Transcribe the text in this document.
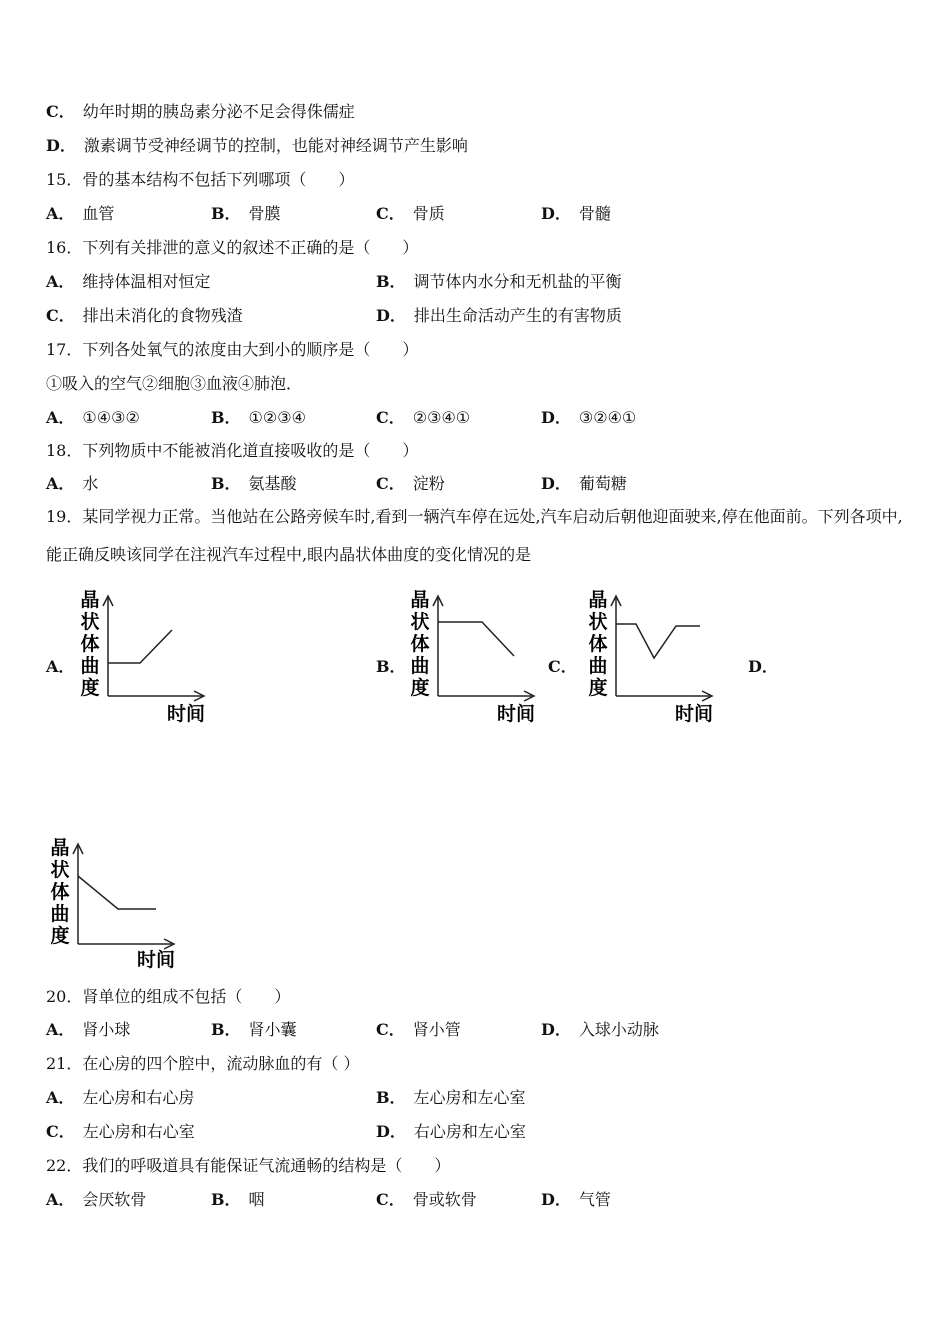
C． 幼年时期的胰岛素分泌不足会得侏儒症
D． 激素调节受神经调节的控制，也能对神经调节产生影响
15．骨的基本结构不包括下列哪项（　　）
A． 血管	B． 骨膜	C． 骨质	D． 骨髓
16．下列有关排泄的意义的叙述不正确的是（　　）
A． 维持体温相对恒定	B． 调节体内水分和无机盐的平衡
C． 排出未消化的食物残渣	D． 排出生命活动产生的有害物质
17．下列各处氧气的浓度由大到小的顺序是（　　）
①吸入的空气②细胞③血液④肺泡．
A． ①④③②	B． ①②③④	C． ②③④①	D． ③②④①
18．下列物质中不能被消化道直接吸收的是（　　）
A． 水	B． 氨基酸	C． 淀粉	D． 葡萄糖
19．某同学视力正常。当他站在公路旁候车时,看到一辆汽车停在远处,汽车启动后朝他迎面驶来,停在他面前。下列各项中,能正确反映该同学在注视汽车过程中,眼内晶状体曲度的变化情况的是
A．	B．	C．	D．
晶
状
体
曲
度
时间
晶
状
体
曲
度
时间
晶
状
体
曲
度
时间
晶
状
体
曲
度
时间
20．肾单位的组成不包括（　　）
A． 肾小球	B． 肾小囊	C． 肾小管	D． 入球小动脉
21．在心房的四个腔中，流动脉血的有（ ）
A． 左心房和右心房	B． 左心房和左心室
C． 左心房和右心室	D． 右心房和左心室
22．我们的呼吸道具有能保证气流通畅的结构是（　　）
A． 会厌软骨	B． 咽	C． 骨或软骨	D． 气管
